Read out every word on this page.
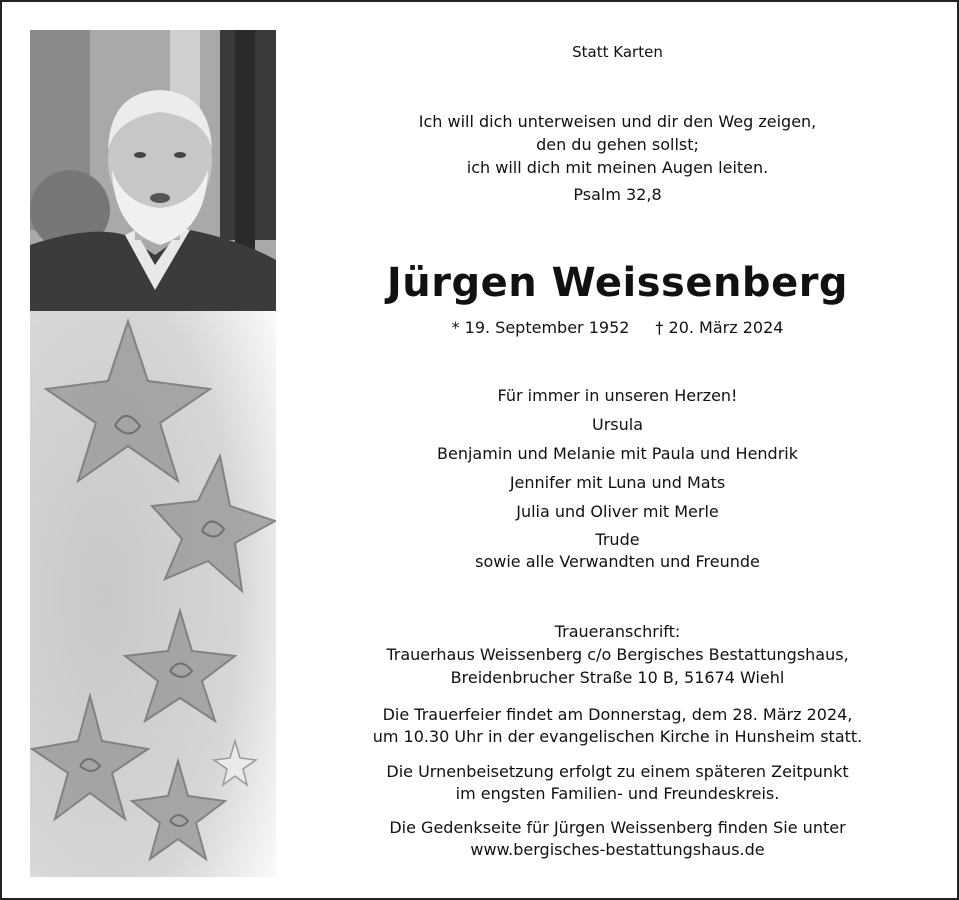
Statt Karten
Ich will dich unterweisen und dir den Weg zeigen,
den du gehen sollst;
ich will dich mit meinen Augen leiten.
Psalm 32,8
Jürgen Weissenberg
* 19. September 1952 † 20. März 2024
Für immer in unseren Herzen!
Ursula
Benjamin und Melanie mit Paula und Hendrik
Jennifer mit Luna und Mats
Julia und Oliver mit Merle
Trude
sowie alle Verwandten und Freunde
Traueranschrift:
Trauerhaus Weissenberg c/o Bergisches Bestattungshaus,
Breidenbrucher Straße 10 B, 51674 Wiehl
Die Trauerfeier findet am Donnerstag, dem 28. März 2024,
um 10.30 Uhr in der evangelischen Kirche in Hunsheim statt.
Die Urnenbeisetzung erfolgt zu einem späteren Zeitpunkt
im engsten Familien- und Freundeskreis.
Die Gedenkseite für Jürgen Weissenberg finden Sie unter
www.bergisches-bestattungshaus.de
